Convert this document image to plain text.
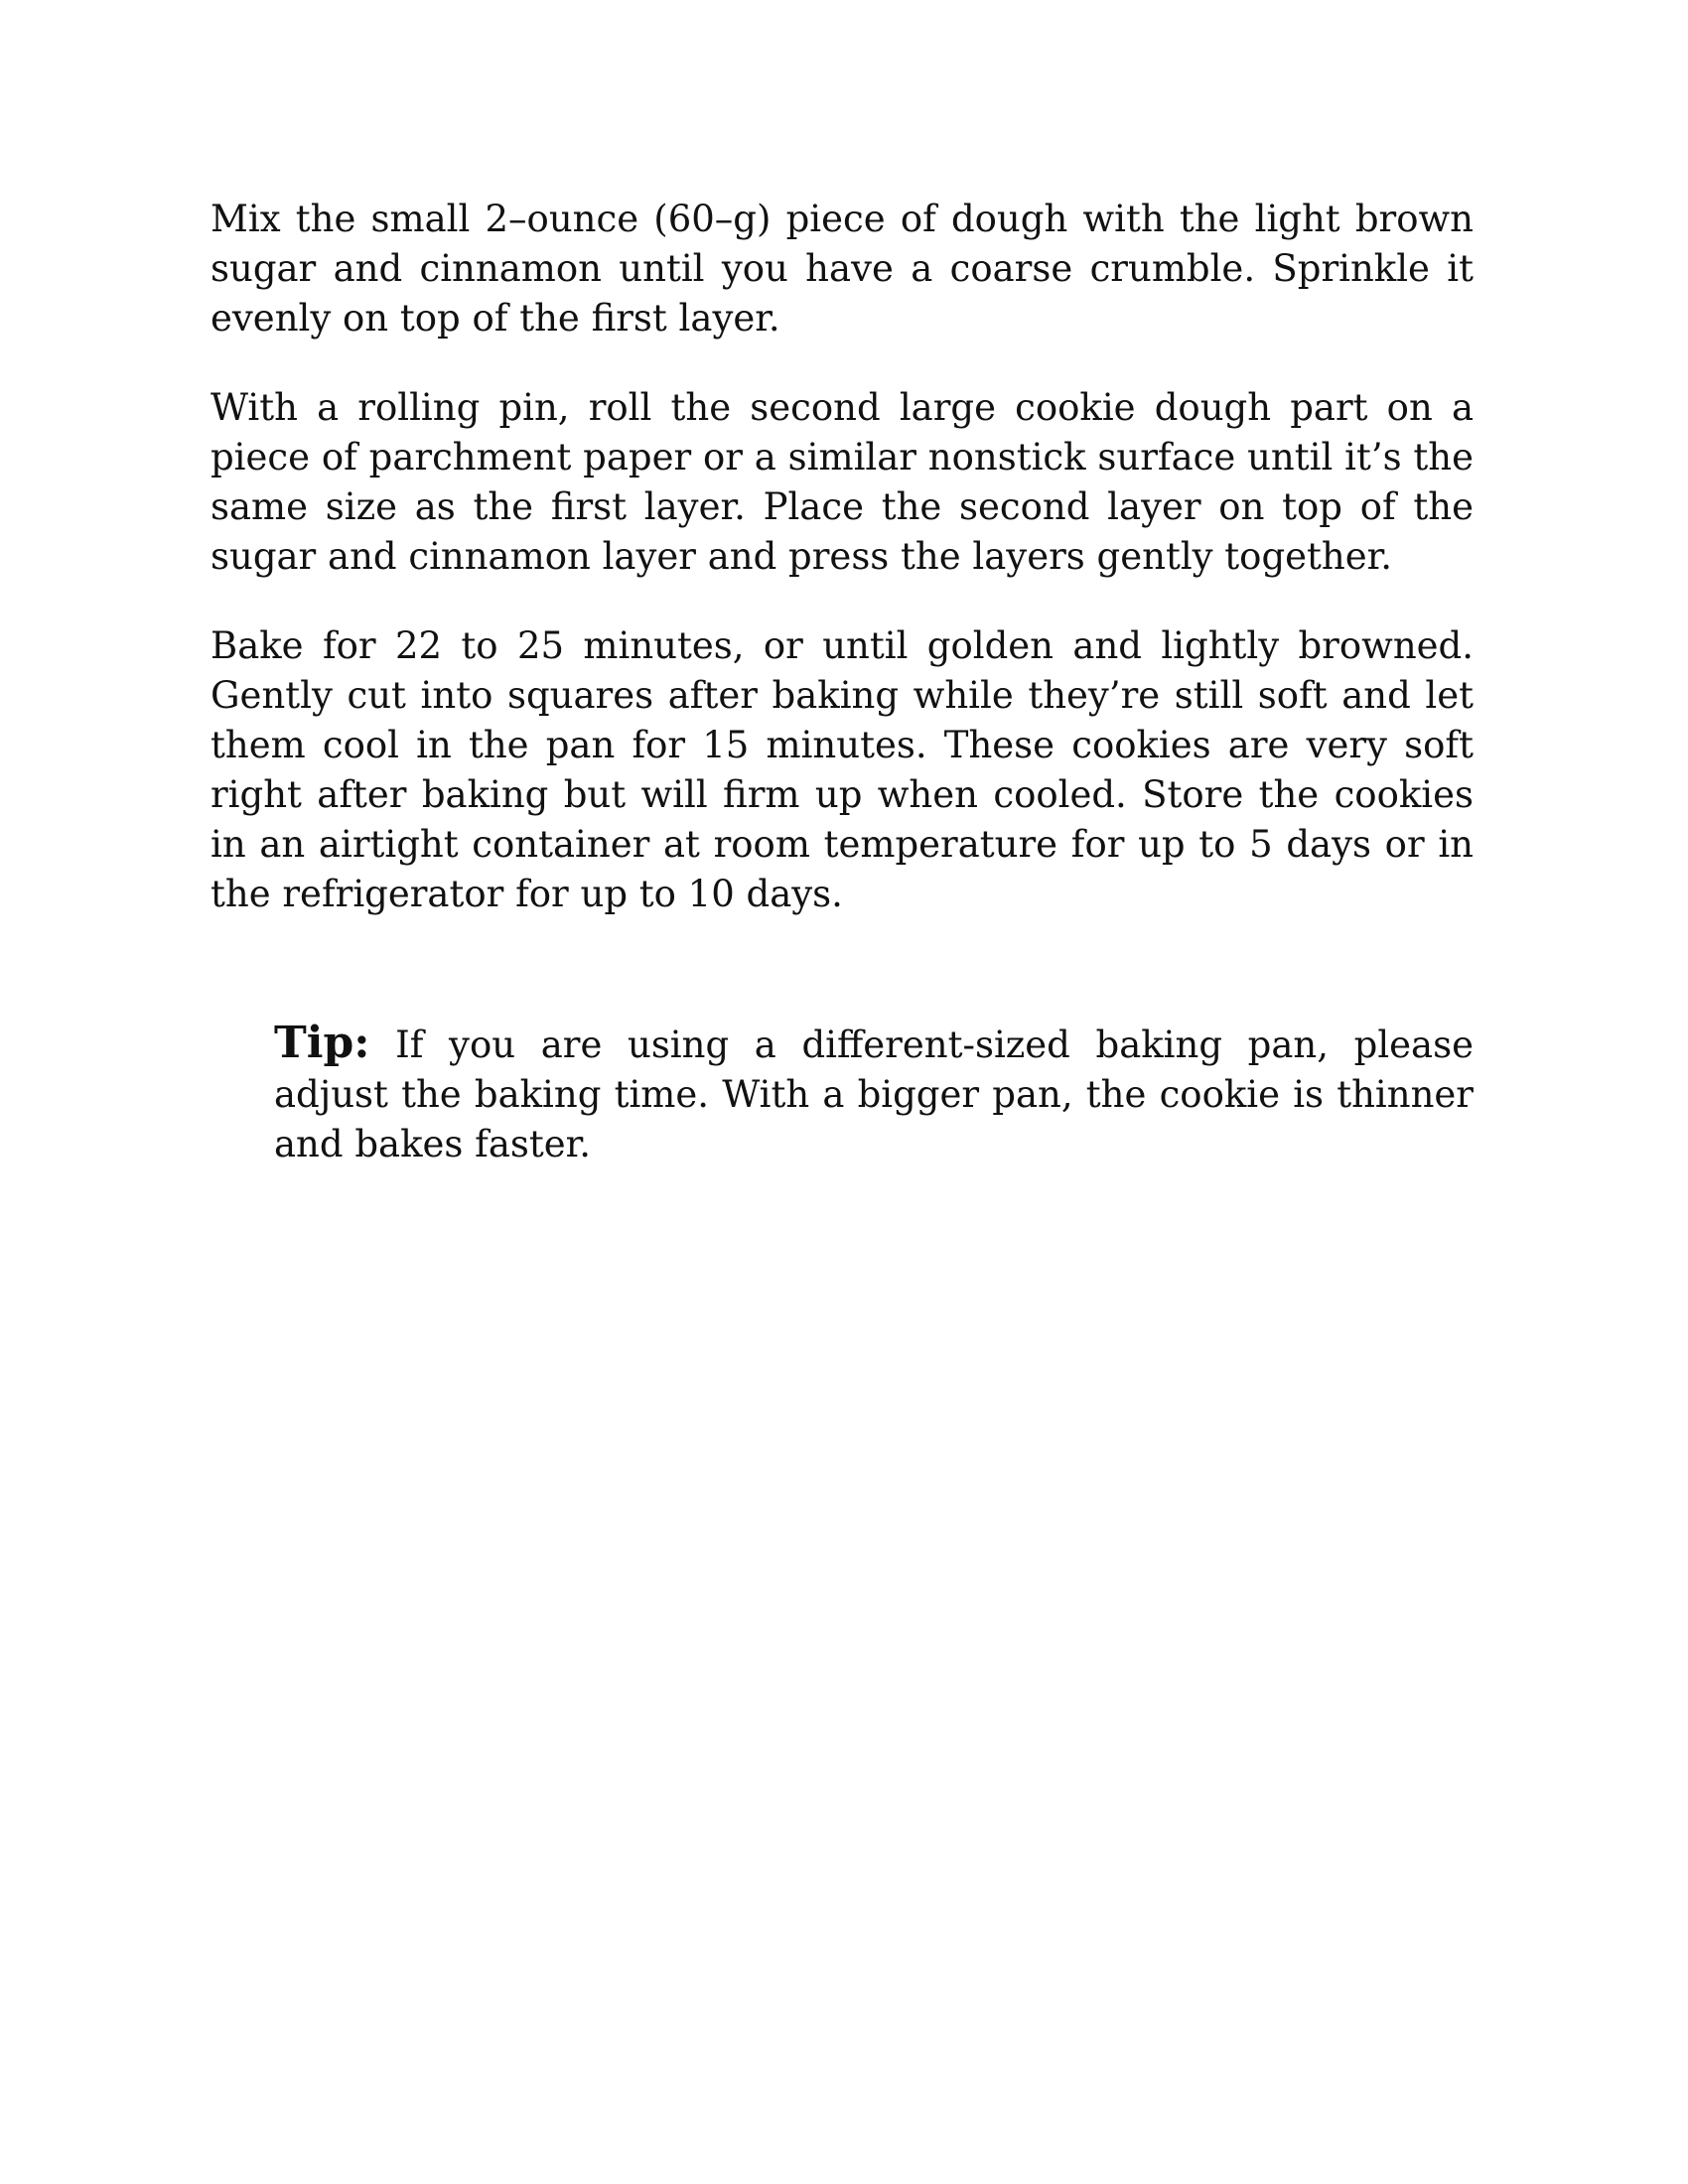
Mix the small 2–ounce (60–g) piece of dough with the light brown sugar and cinnamon until you have a coarse crumble. Sprinkle it evenly on top of the first layer.

With a rolling pin, roll the second large cookie dough part on a piece of parchment paper or a similar nonstick surface until it’s the same size as the first layer. Place the second layer on top of the sugar and cinnamon layer and press the layers gently together.

Bake for 22 to 25 minutes, or until golden and lightly browned. Gently cut into squares after baking while they’re still soft and let them cool in the pan for 15 minutes. These cookies are very soft right after baking but will firm up when cooled. Store the cookies in an airtight container at room temperature for up to 5 days or in the refrigerator for up to 10 days.

Tip: If you are using a different-sized baking pan, please adjust the baking time. With a bigger pan, the cookie is thinner and bakes faster.
